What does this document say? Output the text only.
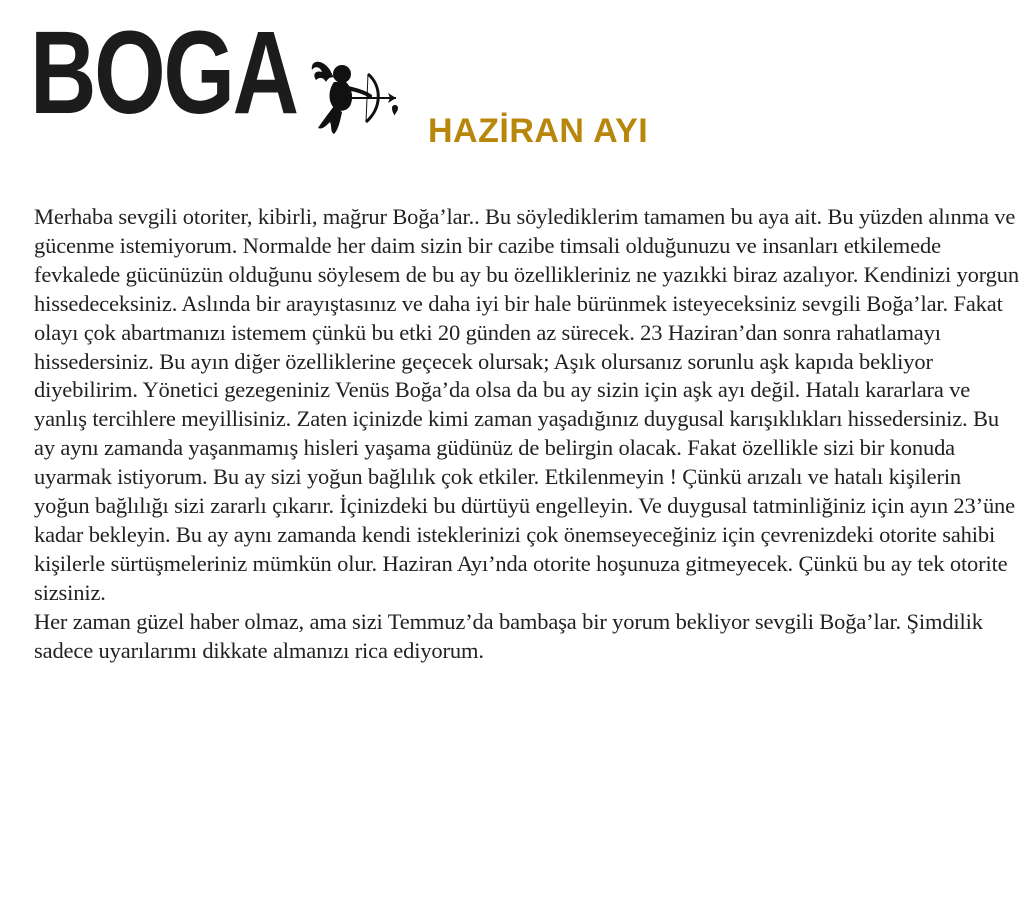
BOGA	HAZİRAN AYI

Merhaba sevgili otoriter, kibirli, mağrur Boğa’lar.. Bu söylediklerim tamamen bu aya ait. Bu yüzden alınma ve gücenme istemiyorum. Normalde her daim sizin bir cazibe timsali olduğunuzu ve insanları etkilemede fevkalede gücünüzün olduğunu söylesem de bu ay bu özellikleriniz ne yazıkki biraz azalıyor. Kendinizi yorgun hissedeceksiniz. Aslında bir arayıştasınız ve daha iyi bir hale bürünmek isteyeceksiniz sevgili Boğa’lar. Fakat olayı çok abartmanızı istemem çünkü bu etki 20 günden az sürecek. 23 Haziran’dan sonra rahatlamayı hissedersiniz. Bu ayın diğer özelliklerine geçecek olursak; Aşık olursanız sorunlu aşk kapıda bekliyor diyebilirim. Yönetici gezegeniniz Venüs Boğa’da olsa da bu ay sizin için aşk ayı değil. Hatalı kararlara ve yanlış tercihlere meyillisiniz. Zaten içinizde kimi zaman yaşadığınız duygusal karışıklıkları hissedersiniz. Bu ay aynı zamanda yaşanmamış hisleri yaşama güdünüz de belirgin olacak. Fakat özellikle sizi bir konuda uyarmak istiyorum. Bu ay sizi yoğun bağlılık çok etkiler. Etkilenmeyin ! Çünkü arızalı ve hatalı kişilerin yoğun bağlılığı sizi zararlı çıkarır. İçinizdeki bu dürtüyü engelleyin. Ve duygusal tatminliğiniz için ayın 23’üne kadar bekleyin. Bu ay aynı zamanda kendi isteklerinizi çok önemseyeceğiniz için çevrenizdeki otorite sahibi kişilerle sürtüşmeleriniz mümkün olur. Haziran Ayı’nda otorite hoşunuza gitmeyecek. Çünkü bu ay tek otorite sizsiniz.

Her zaman güzel haber olmaz, ama sizi Temmuz’da bambaşa bir yorum bekliyor sevgili Boğa’lar. Şimdilik sadece uyarılarımı dikkate almanızı rica ediyorum.
